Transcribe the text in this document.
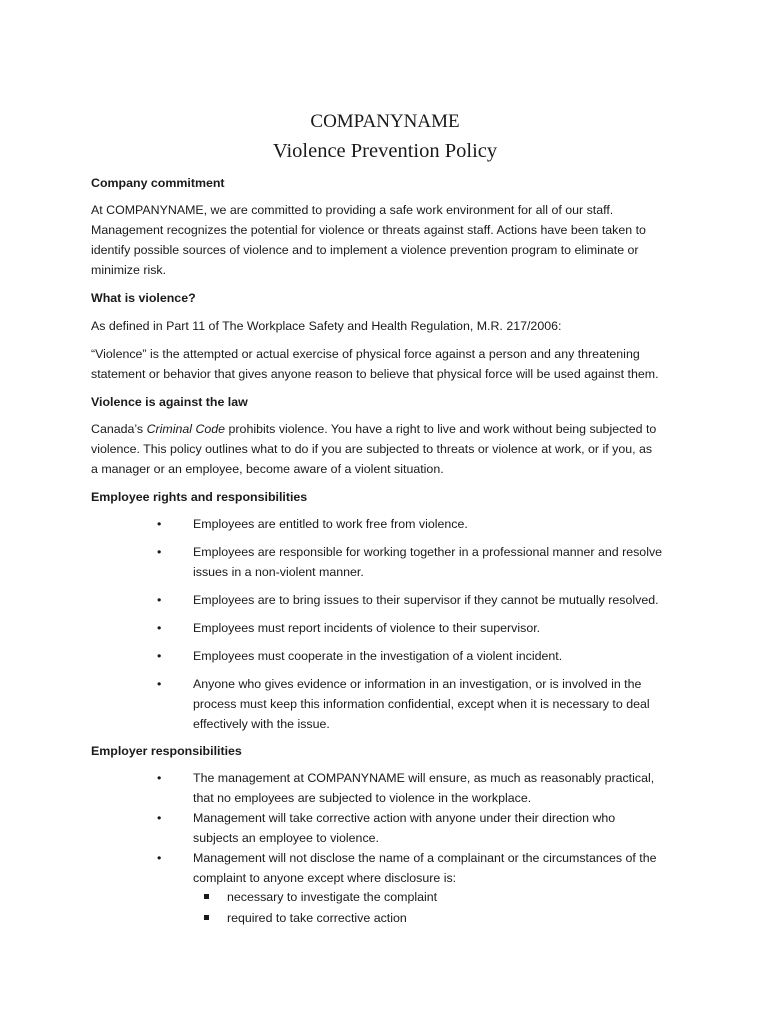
COMPANYNAME
Violence Prevention Policy

Company commitment

At COMPANYNAME, we are committed to providing a safe work environment for all of our staff.

Management recognizes the potential for violence or threats against staff. Actions have been taken to

identify possible sources of violence and to implement a violence prevention program to eliminate or

minimize risk.

What is violence?

As defined in Part 11 of The Workplace Safety and Health Regulation, M.R. 217/2006:

“Violence” is the attempted or actual exercise of physical force against a person and any threatening

statement or behavior that gives anyone reason to believe that physical force will be used against them.

Violence is against the law

Canada’s Criminal Code prohibits violence. You have a right to live and work without being subjected to

violence. This policy outlines what to do if you are subjected to threats or violence at work, or if you, as

a manager or an employee, become aware of a violent situation.

Employee rights and responsibilities

•	Employees are entitled to work free from violence.

•	Employees are responsible for working together in a professional manner and resolve

issues in a non-violent manner.

•	Employees are to bring issues to their supervisor if they cannot be mutually resolved.

•	Employees must report incidents of violence to their supervisor.

•	Employees must cooperate in the investigation of a violent incident.

•	Anyone who gives evidence or information in an investigation, or is involved in the

process must keep this information confidential, except when it is necessary to deal

effectively with the issue.

Employer responsibilities

•	The management at COMPANYNAME will ensure, as much as reasonably practical,

that no employees are subjected to violence in the workplace.

•	Management will take corrective action with anyone under their direction who

subjects an employee to violence.

•	Management will not disclose the name of a complainant or the circumstances of the

complaint to anyone except where disclosure is:

necessary to investigate the complaint

required to take corrective action
